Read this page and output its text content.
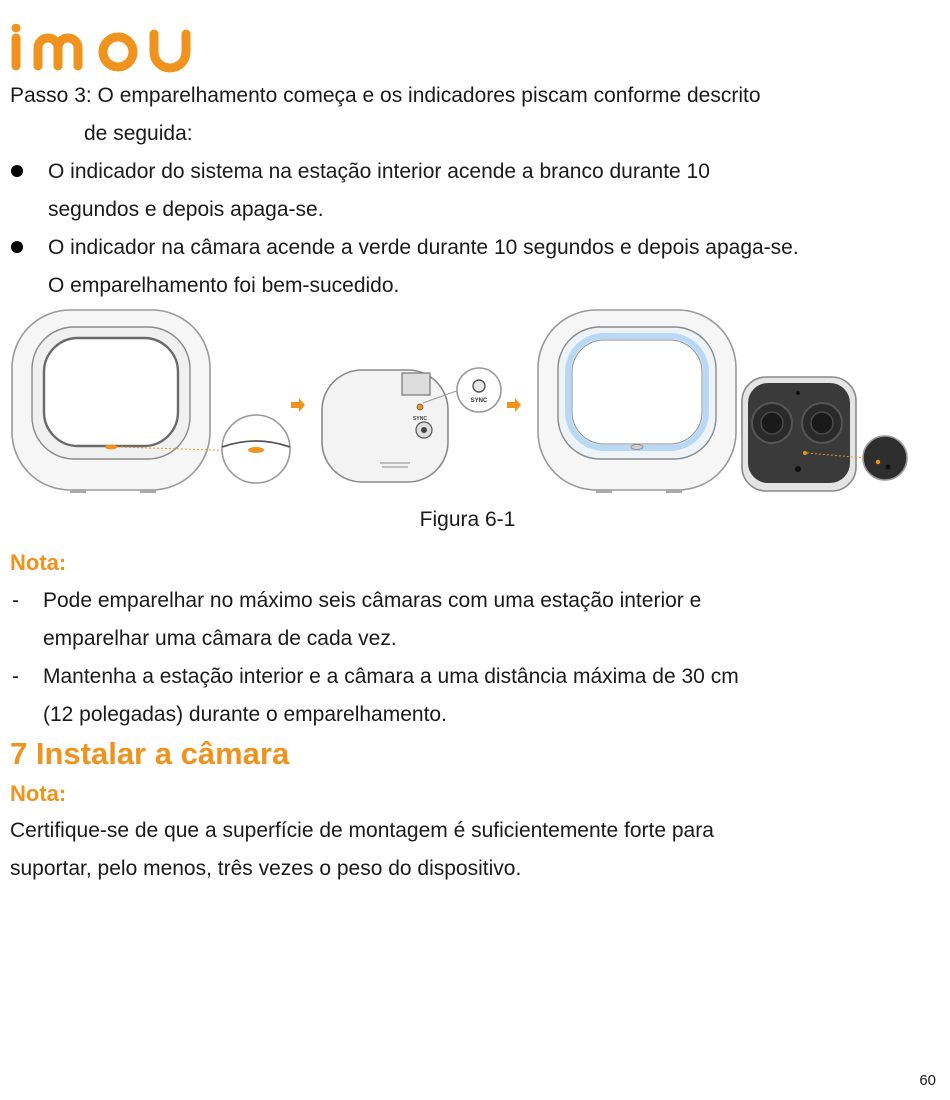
Passo 3: O emparelhamento começa e os indicadores piscam conforme descrito
de seguida:
O indicador do sistema na estação interior acende a branco durante 10
segundos e depois apaga-se.
O indicador na câmara acende a verde durante 10 segundos e depois apaga-se.
O emparelhamento foi bem-sucedido.
SYNC
SYNC
Figura 6-1
Nota:
- Pode emparelhar no máximo seis câmaras com uma estação interior e
emparelhar uma câmara de cada vez.
- Mantenha a estação interior e a câmara a uma distância máxima de 30 cm
(12 polegadas) durante o emparelhamento.
7 Instalar a câmara
Nota:
Certifique-se de que a superfície de montagem é suficientemente forte para
suportar, pelo menos, três vezes o peso do dispositivo.
60
